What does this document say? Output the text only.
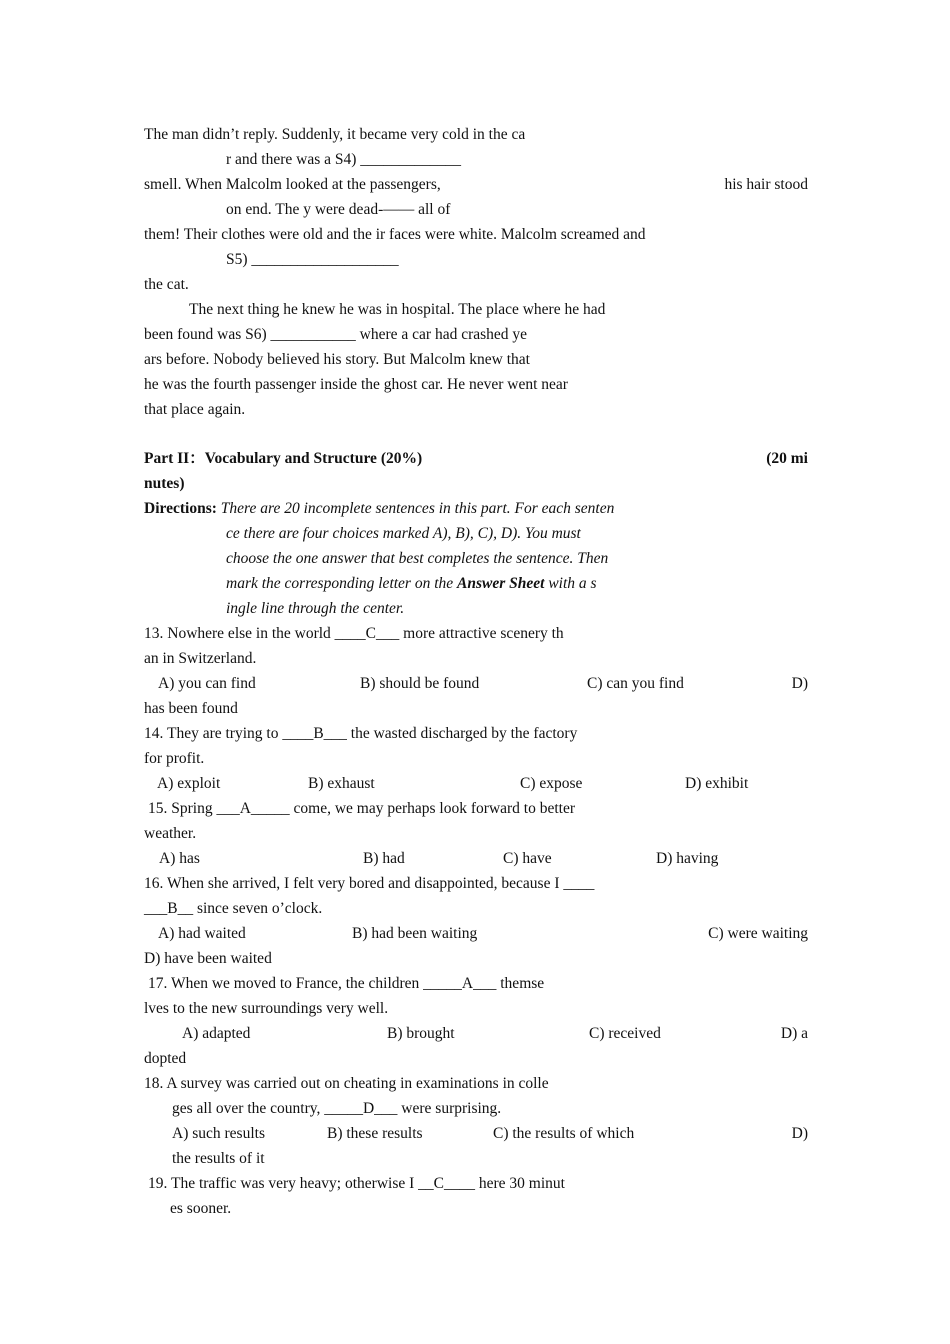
The man didn’t reply. Suddenly, it became very cold in the ca
r and there was a S4) _____________
smell. When Malcolm looked at the passengers,	his hair stood
on end. The y were dead-—— all of
them! Their clothes were old and the ir faces were white. Malcolm screamed and
S5) ___________________
the cat.
The next thing he knew he was in hospital. The place where he had
been found was S6) ___________ where a car had crashed ye
ars before. Nobody believed his story. But Malcolm knew that
he was the fourth passenger inside the ghost car. He never went near
that place again.
Part II：Vocabulary and Structure (20%)	(20 mi
nutes)
Directions: There are 20 incomplete sentences in this part. For each senten
ce there are four choices marked A), B), C), D). You must
choose the one answer that best completes the sentence. Then
mark the corresponding letter on the Answer Sheet with a s
ingle line through the center.
13. Nowhere else in the world ____C___ more attractive scenery th
an in Switzerland.
A) you can find	B) should be found	C) can you find	D)
has been found
14. They are trying to ____B___ the wasted discharged by the factory
for profit.
A) exploit	B) exhaust	C) expose	D) exhibit
15. Spring ___A_____ come, we may perhaps look forward to better
weather.
A) has	B) had	C) have	D) having
16. When she arrived, I felt very bored and disappointed, because I ____
___B__ since seven o’clock.
A) had waited	B) had been waiting	C) were waiting
D) have been waited
17. When we moved to France, the children _____A___ themse
lves to the new surroundings very well.
A) adapted	B) brought	C) received	D) a
dopted
18. A survey was carried out on cheating in examinations in colle
ges all over the country, _____D___ were surprising.
A) such results	B) these results	C) the results of which	D)
the results of it
19. The traffic was very heavy; otherwise I __C____ here 30 minut
es sooner.
